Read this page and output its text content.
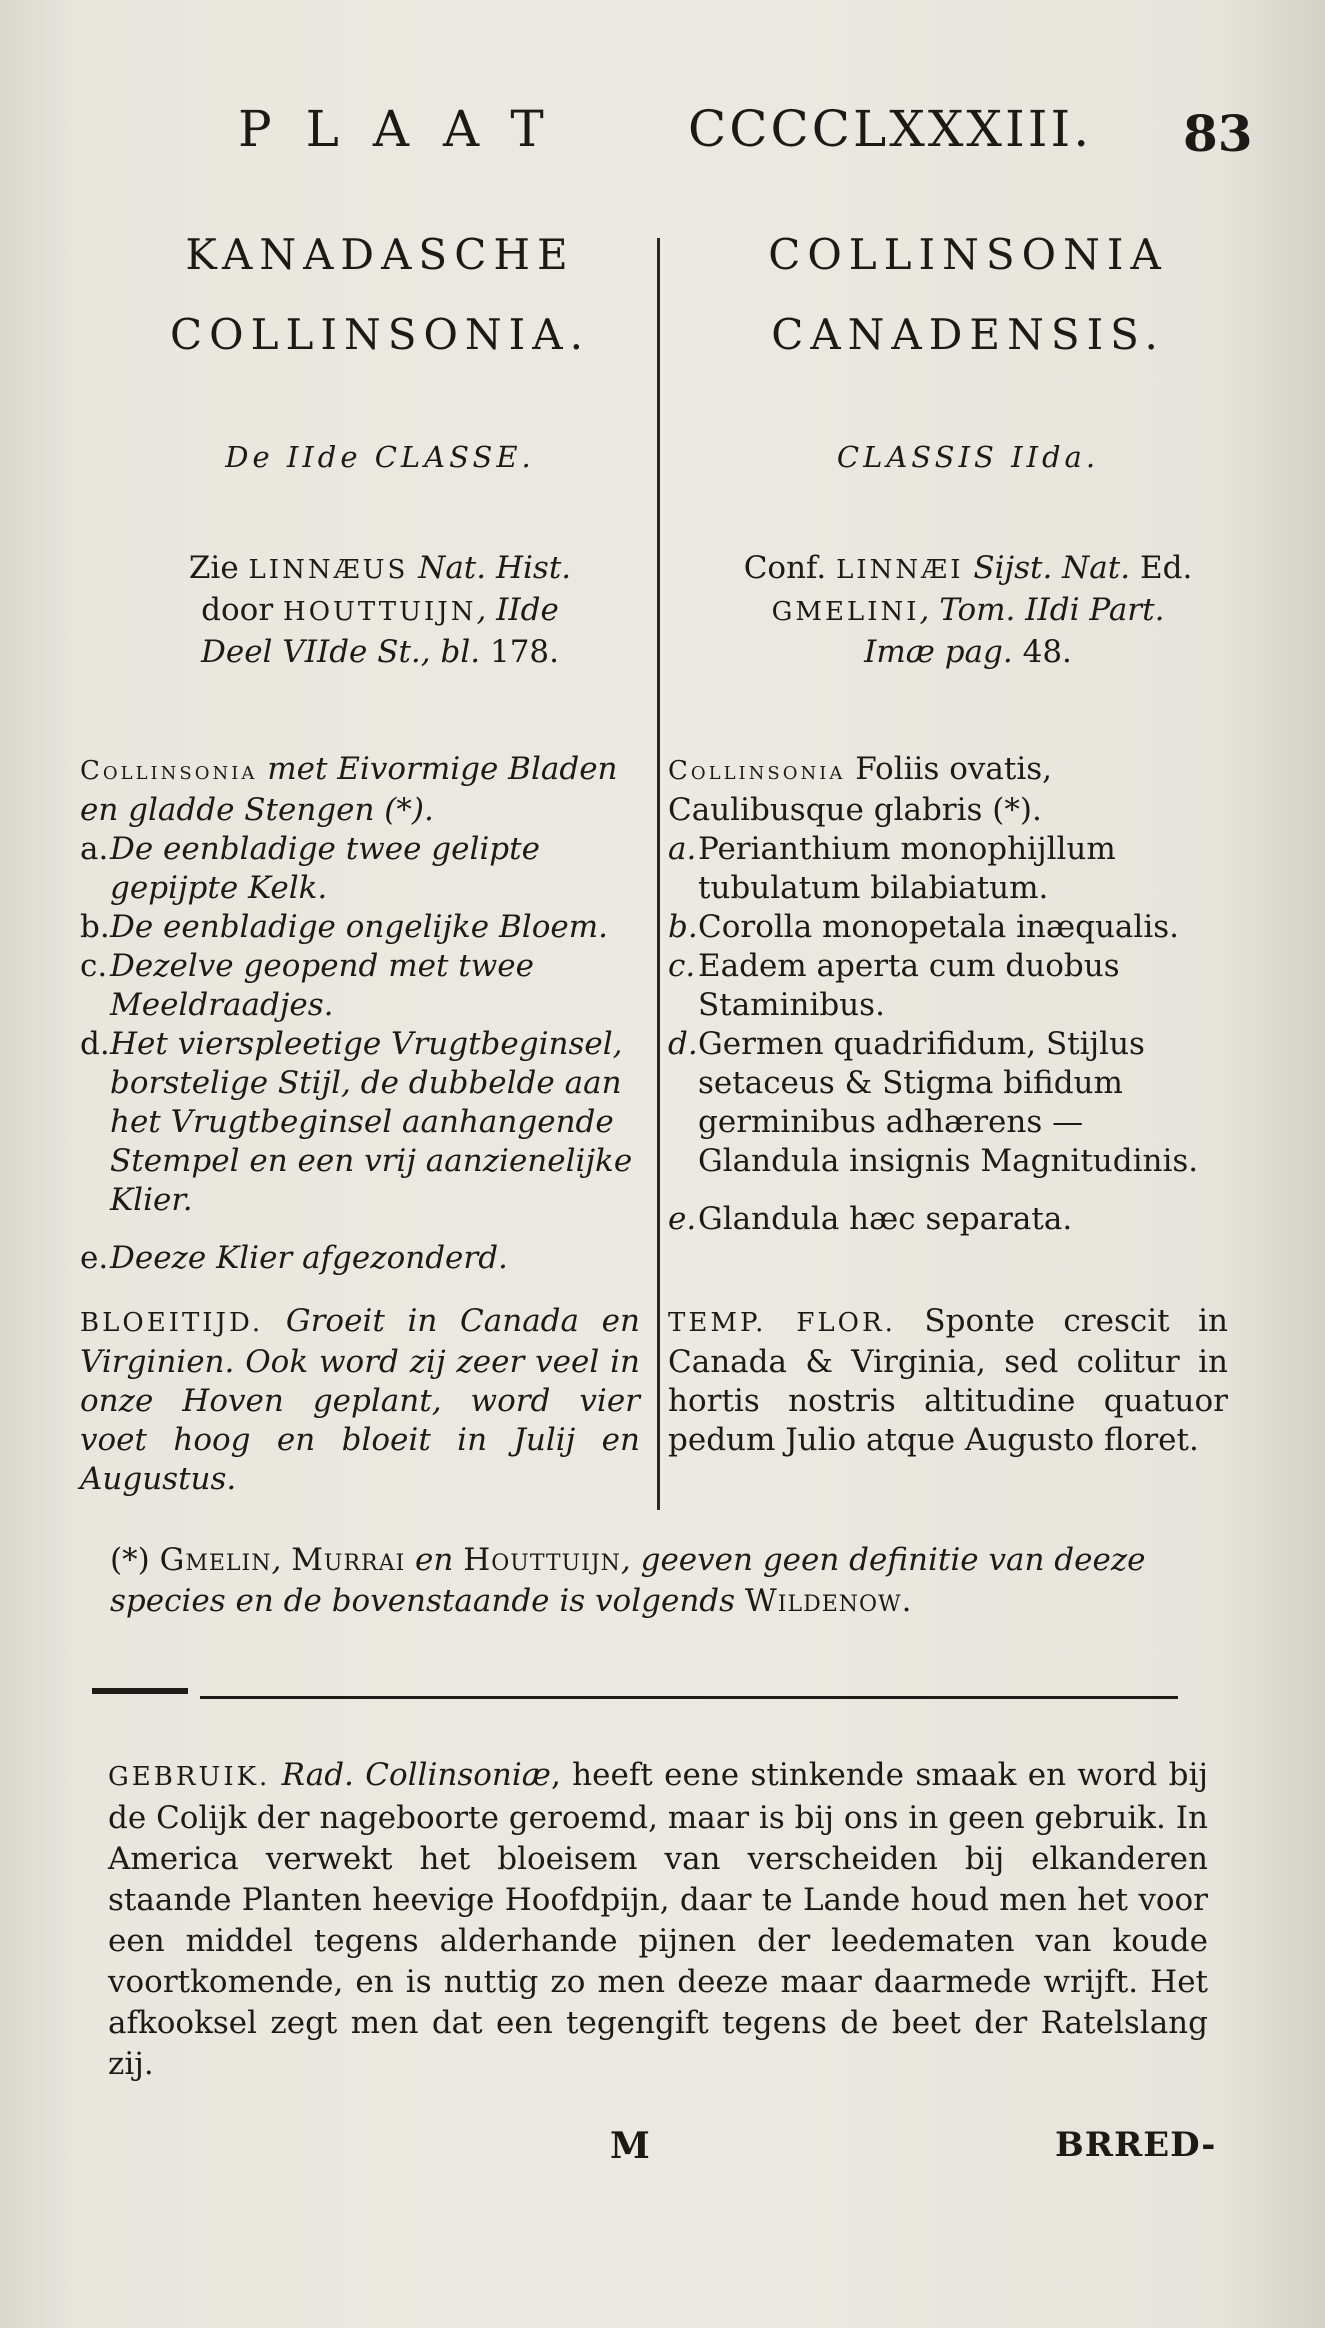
PLAAT CCCCLXXXIII. 83
KANADASCHE
COLLINSONIA.
De IIde CLASSE.
Zie LINNÆUS Nat. Hist.
door HOUTTUIJN, IIde
Deel VIIde St., bl. 178.

Collinsonia met Eivormige Bladen en gladde Stengen (*).

a. De eenbladige twee gelipte gepijpte Kelk.
b. De eenbladige ongelijke Bloem.
c. Dezelve geopend met twee Meeldraadjes.
d. Het vierspleetige Vrugtbeginsel, borstelige Stijl, de dubbelde aan het Vrugtbeginsel aanhangende Stempel en een vrij aanzienelijke Klier.
e. Deeze Klier afgezonderd.
BLOEITIJD. Groeit in Canada en Virginien. Ook word zij zeer veel in onze Hoven geplant, word vier voet hoog en bloeit in Julij en Augustus.
COLLINSONIA
CANADENSIS.
CLASSIS IIda.
Conf. LINNÆI Sijst. Nat. Ed.
GMELINI, Tom. IIdi Part.
Imæ pag. 48.

Collinsonia Foliis ovatis, Caulibusque glabris (*).

a. Perianthium monophijllum tubulatum bilabiatum.
b. Corolla monopetala inæqualis.
c. Eadem aperta cum duobus Staminibus.
d. Germen quadrifidum, Stijlus setaceus & Stigma bifidum germinibus adhærens — Glandula insignis Magnitudinis.
e. Glandula hæc separata.
TEMP. FLOR. Sponte crescit in Canada & Virginia, sed colitur in hortis nostris altitudine quatuor pedum Julio atque Augusto floret.
(*) Gmelin, Murrai en Houttuijn, geeven geen definitie van deeze species en de bovenstaande is volgends Wildenow.
GEBRUIK. Rad. Collinsoniæ, heeft eene stinkende smaak en word bij de Colijk der nageboorte geroemd, maar is bij ons in geen gebruik. In America verwekt het bloeisem van verscheiden bij elkanderen staande Planten heevige Hoofdpijn, daar te Lande houd men het voor een middel tegens alderhande pijnen der leedematen van koude voortkomende, en is nuttig zo men deeze maar daarmede wrijft. Het afkooksel zegt men dat een tegengift tegens de beet der Ratelslang zij.
M	BRRED-
